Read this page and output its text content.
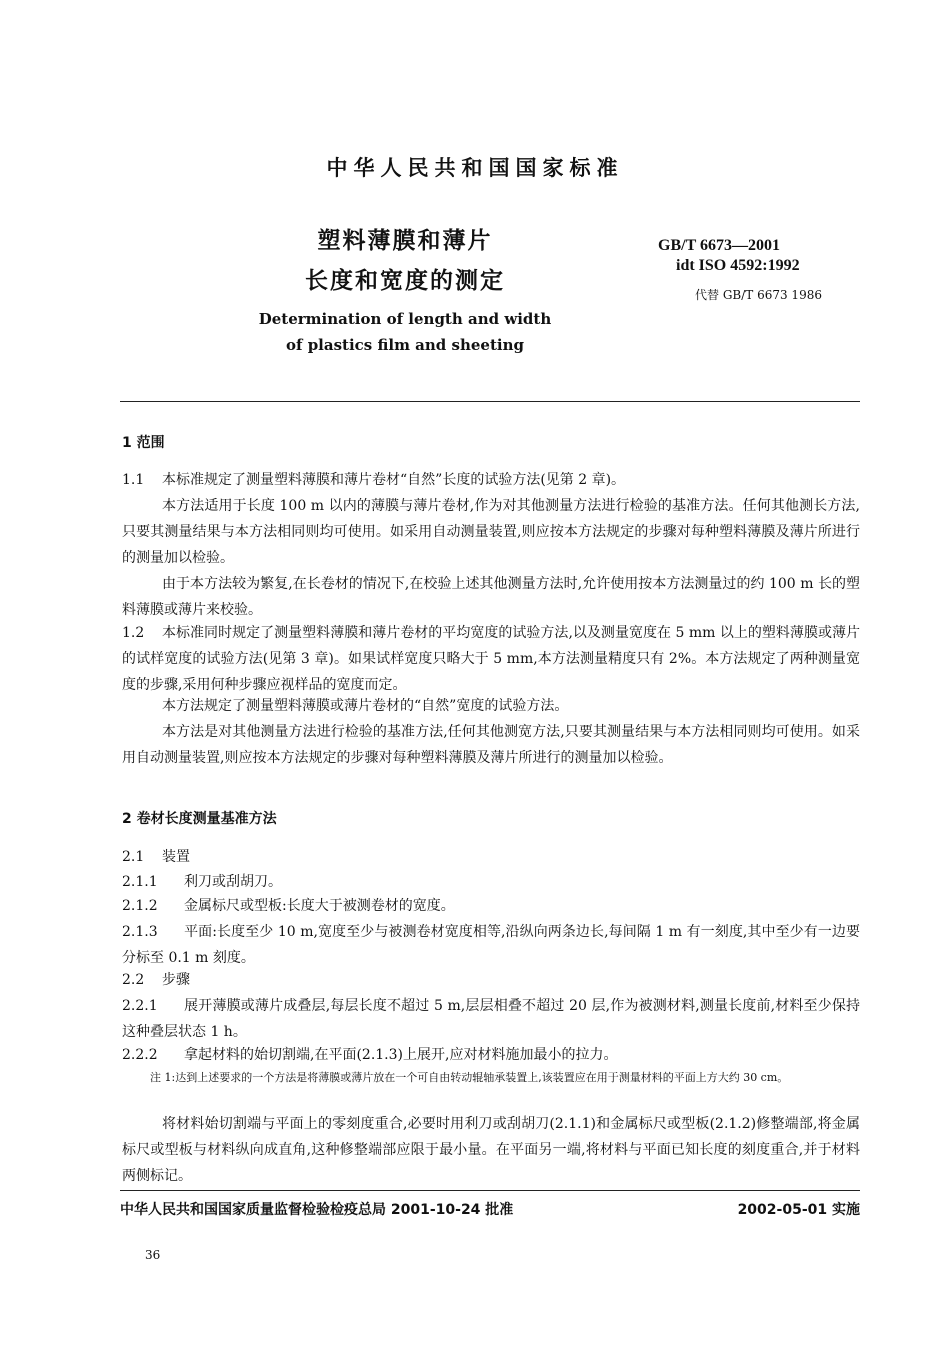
中华人民共和国国家标准
塑料薄膜和薄片
长度和宽度的测定
Determination of length and width
of plastics film and sheeting
GB/T 6673—2001
idt ISO 4592:1992
代替 GB/T 6673 1986
1 范围
1.1 本标准规定了测量塑料薄膜和薄片卷材“自然”长度的试验方法(见第 2 章)。
本方法适用于长度 100 m 以内的薄膜与薄片卷材,作为对其他测量方法进行检验的基准方法。任何其他测长方法,只要其测量结果与本方法相同则均可使用。如采用自动测量装置,则应按本方法规定的步骤对每种塑料薄膜及薄片所进行的测量加以检验。
由于本方法较为繁复,在长卷材的情况下,在校验上述其他测量方法时,允许使用按本方法测量过的约 100 m 长的塑料薄膜或薄片来校验。
1.2 本标准同时规定了测量塑料薄膜和薄片卷材的平均宽度的试验方法,以及测量宽度在 5 mm 以上的塑料薄膜或薄片的试样宽度的试验方法(见第 3 章)。如果试样宽度只略大于 5 mm,本方法测量精度只有 2%。本方法规定了两种测量宽度的步骤,采用何种步骤应视样品的宽度而定。
本方法规定了测量塑料薄膜或薄片卷材的“自然”宽度的试验方法。
本方法是对其他测量方法进行检验的基准方法,任何其他测宽方法,只要其测量结果与本方法相同则均可使用。如采用自动测量装置,则应按本方法规定的步骤对每种塑料薄膜及薄片所进行的测量加以检验。
2 卷材长度测量基准方法
2.1 装置
2.1.1 利刀或刮胡刀。
2.1.2 金属标尺或型板:长度大于被测卷材的宽度。
2.1.3 平面:长度至少 10 m,宽度至少与被测卷材宽度相等,沿纵向两条边长,每间隔 1 m 有一刻度,其中至少有一边要分标至 0.1 m 刻度。
2.2 步骤
2.2.1 展开薄膜或薄片成叠层,每层长度不超过 5 m,层层相叠不超过 20 层,作为被测材料,测量长度前,材料至少保持这种叠层状态 1 h。
2.2.2 拿起材料的始切割端,在平面(2.1.3)上展开,应对材料施加最小的拉力。
注 1:达到上述要求的一个方法是将薄膜或薄片放在一个可自由转动辊轴承装置上,该装置应在用于测量材料的平面上方大约 30 cm。
将材料始切割端与平面上的零刻度重合,必要时用利刀或刮胡刀(2.1.1)和金属标尺或型板(2.1.2)修整端部,将金属标尺或型板与材料纵向成直角,这种修整端部应限于最小量。在平面另一端,将材料与平面已知长度的刻度重合,并于材料两侧标记。
中华人民共和国国家质量监督检验检疫总局 2001-10-24 批准	2002-05-01 实施
36
